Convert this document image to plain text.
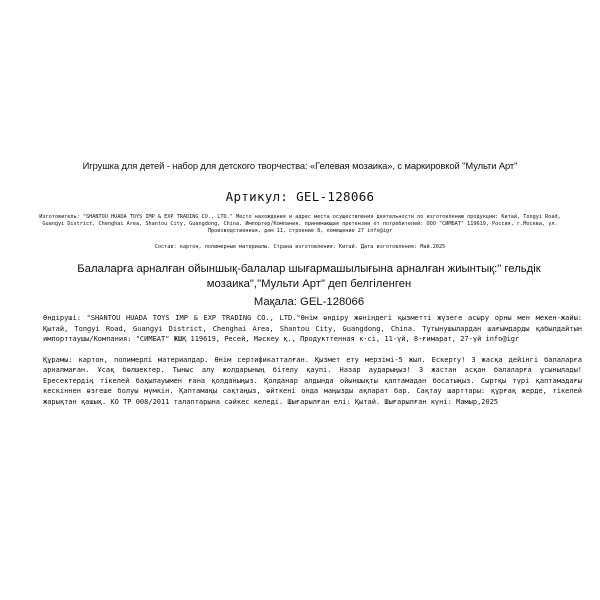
Игрушка для детей - набор для детского творчества: «Гелевая мозаика», с маркировкой "Мульти Арт"
Артикул: GEL-128066

Изготовитель: "SHANTOU HUADA TOYS IMP & EXP TRADING CO., LTD." Место нахождения и адрес места осуществления деятельности по изготовлению продукции: Китай, Tongyi Road, Guangyi District, Chenghai Area, Shantou City, Guangdong, China. Импортер/Компания, принимающая претензии от потребителей: ООО "СИМБАТ" 119619, Россия, г.Москва, ул. Производственная, дом 11, строение 8, помещение 27 info@igr

Состав: картон, полимерные материалы. Страна изготовления: Китай. Дата изготовления: Май.2025
Балаларға арналған ойыншық-балалар шығармашылығына арналған жиынтық:" гельдік мозаика","Мульти Арт" деп белгіленген
Мақала: GEL-128066

Өндіруші: "SHANTOU HUADA TOYS IMP & EXP TRADING CO., LTD."Өнім өндіру жөніндегі қызметті жүзеге асыру орны мен мекен-жайы: Қытай, Tongyi Road, Guangyi District, Chenghai Area, Shantou City, Guangdong, China. Тұтынушылардан шағымдарды қабылдайтын импорттаушы/Компания: "СИМБАТ" ЖШҚ 119619, Ресей, Мәскеу қ., Продукттенная к-сі, 11-үй, 8-ғимарат, 27-үй info@igr

Құрамы: картон, полимерлі материалдар. Өнім сертификатталған. Қызмет ету мерзімі-5 жыл. Ескерту! 3 жасқа дейінгі балаларға арналмаған. Ұсақ бөлшектер. Тыныс алу жолдарының бітелу қаупі. Назар аударыңыз! 3 жастан асқан балаларға ұсынылады! Ересектердің тікелей бақылауымен ғана қолданыңыз. Қолданар алдында ойыншықты қаптамадан босатыңыз. Сыртқы түрі қаптамадағы кескіннен өзгеше болуы мүмкін. Қаптамаңы сақтаңыз, өйткені онда маңызды ақпарат бар. Сақтау шарттары: құрғақ жерде, тікелей жарықтан қашық. КО ТР 008/2011 талаптарына сәйкес келеді. Шығарылған елі: Қытай. Шығарылған күні: Мамыр,2025
